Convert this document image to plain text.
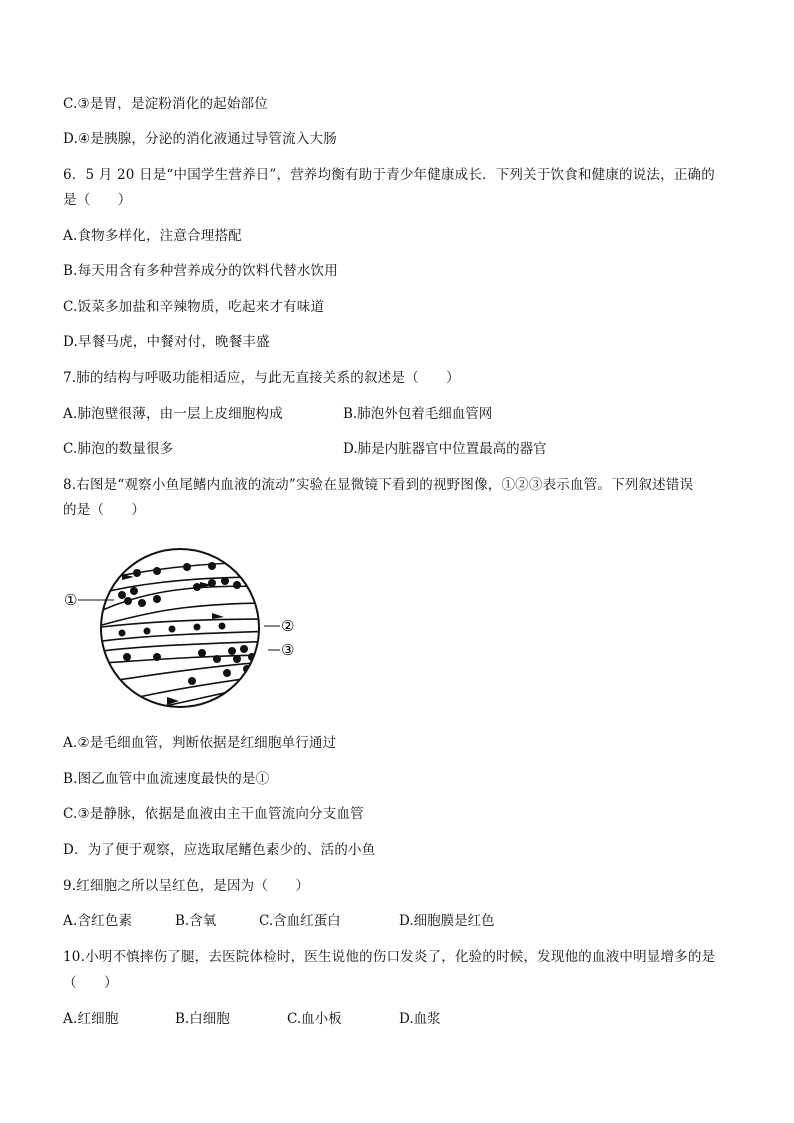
C.③是胃，是淀粉消化的起始部位
D.④是胰腺，分泌的消化液通过导管流入大肠
6．5 月 20 日是“中国学生营养日”，营养均衡有助于青少年健康成长．下列关于饮食和健康的说法，正确的
是（　　）
A.食物多样化，注意合理搭配
B.每天用含有多种营养成分的饮料代替水饮用
C.饭菜多加盐和辛辣物质，吃起来才有味道
D.早餐马虎，中餐对付，晚餐丰盛
7.肺的结构与呼吸功能相适应，与此无直接关系的叙述是（　　）
A.肺泡壁很薄，由一层上皮细胞构成	B.肺泡外包着毛细血管网
C.肺泡的数量很多	D.肺是内脏器官中位置最高的器官
8.右图是“观察小鱼尾鳍内血液的流动”实验在显微镜下看到的视野图像，①②③表示血管。下列叙述错误
的是（　　）
①
②
③
A.②是毛细血管，判断依据是红细胞单行通过
B.图乙血管中血流速度最快的是①
C.③是静脉，依据是血液由主干血管流向分支血管
D．为了便于观察，应选取尾鳍色素少的、活的小鱼
9.红细胞之所以呈红色，是因为（　　）
A.含红色素	B.含氧	C.含血红蛋白	D.细胞膜是红色
10.小明不慎摔伤了腿，去医院体检时，医生说他的伤口发炎了，化验的时候，发现他的血液中明显增多的是
（　　）
A.红细胞	B.白细胞	C.血小板	D.血浆
